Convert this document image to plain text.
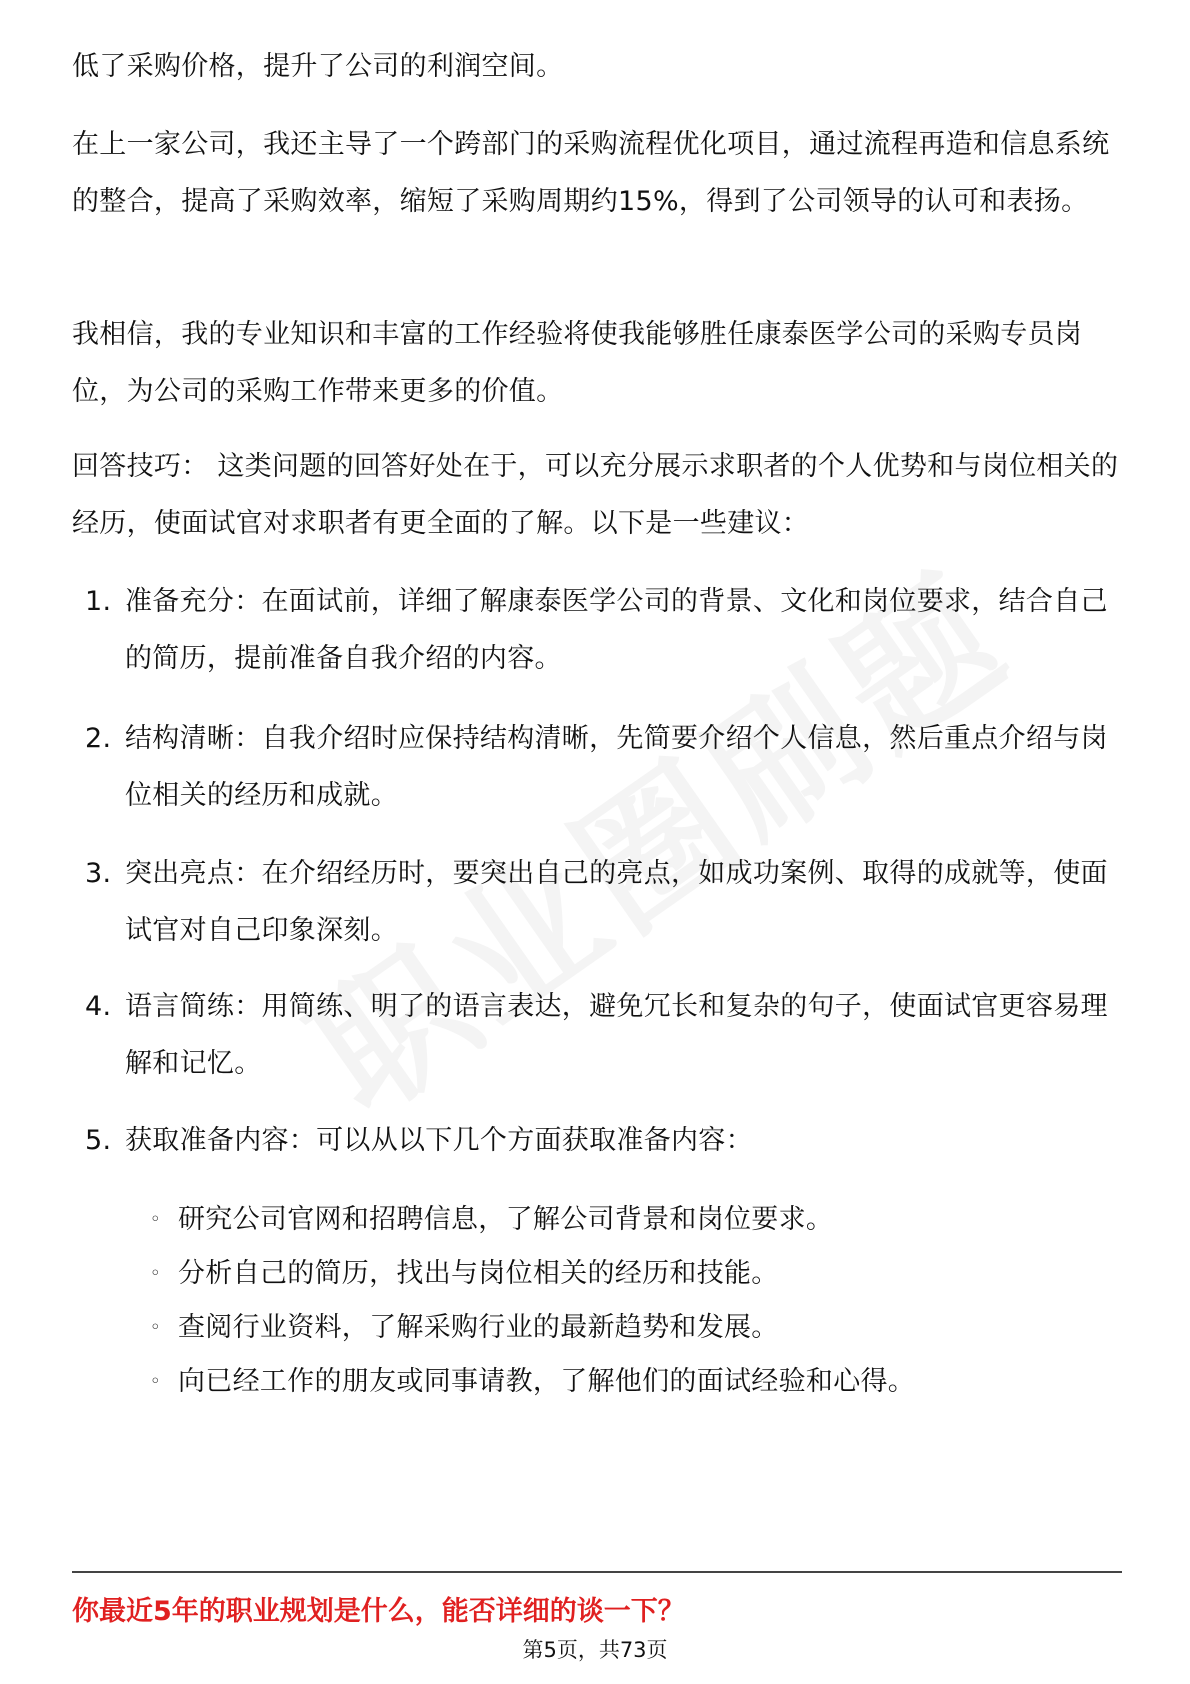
低了采购价格，提升了公司的利润空间。

在上一家公司，我还主导了一个跨部门的采购流程优化项目，通过流程再造和信息系统的整合，提高了采购效率，缩短了采购周期约15%，得到了公司领导的认可和表扬。

我相信，我的专业知识和丰富的工作经验将使我能够胜任康泰医学公司的采购专员岗位，为公司的采购工作带来更多的价值。

回答技巧： 这类问题的回答好处在于，可以充分展示求职者的个人优势和与岗位相关的经历，使面试官对求职者有更全面的了解。以下是一些建议：

1. 准备充分：在面试前，详细了解康泰医学公司的背景、文化和岗位要求，结合自己的简历，提前准备自我介绍的内容。
2. 结构清晰：自我介绍时应保持结构清晰，先简要介绍个人信息，然后重点介绍与岗位相关的经历和成就。
3. 突出亮点：在介绍经历时，要突出自己的亮点，如成功案例、取得的成就等，使面试官对自己印象深刻。
4. 语言简练：用简练、明了的语言表达，避免冗长和复杂的句子，使面试官更容易理解和记忆。
5. 获取准备内容：可以从以下几个方面获取准备内容：
◦ 研究公司官网和招聘信息，了解公司背景和岗位要求。
◦ 分析自己的简历，找出与岗位相关的经历和技能。
◦ 查阅行业资料，了解采购行业的最新趋势和发展。
◦ 向已经工作的朋友或同事请教，了解他们的面试经验和心得。
你最近5年的职业规划是什么，能否详细的谈一下？
第5页，共73页
